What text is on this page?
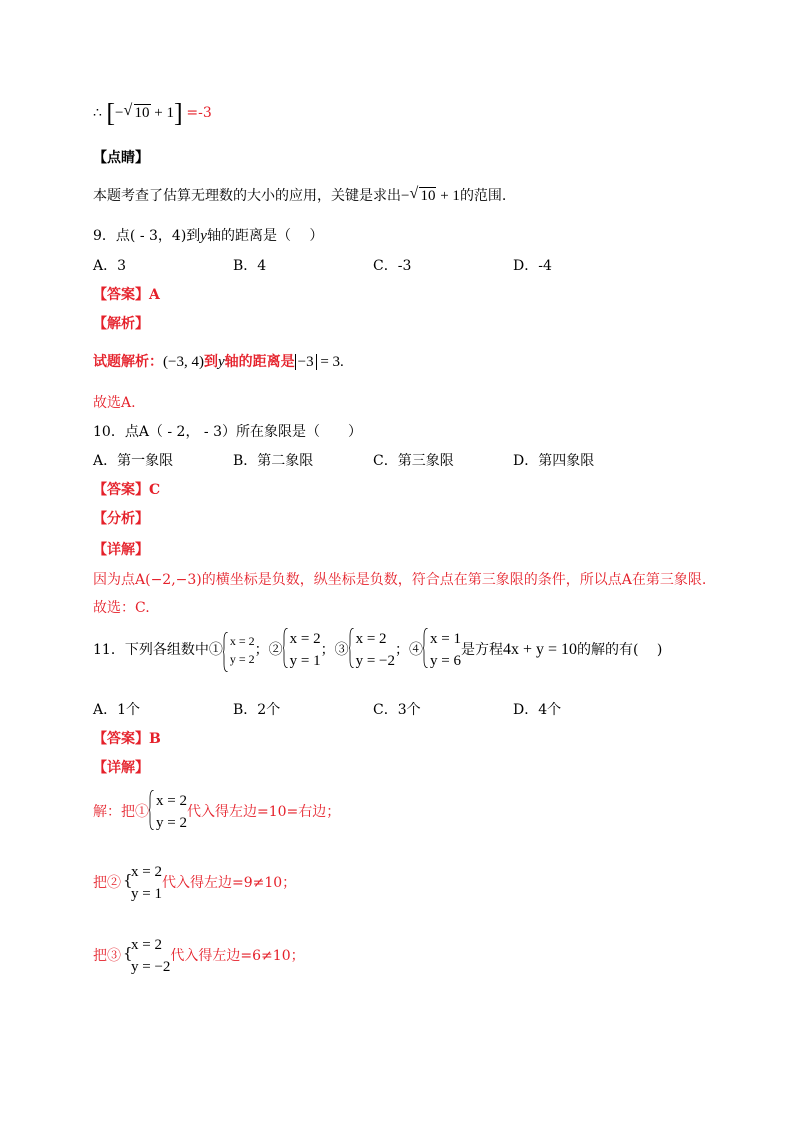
∴ [− √ 10 + 1] =-3
【点睛】
本题考查了估算无理数的大小的应用，关键是求出− √ 10 + 1的范围.
9．点( - 3，4)到y轴的距离是（　 ）
A．3	B．4	C．-3	D．-4
【答案】A
【解析】
试题解析：(−3, 4)到y轴的距离是 −3 = 3.
故选A.
10．点A（ - 2， - 3）所在象限是（　　）
A．第一象限	B．第二象限	C．第三象限	D．第四象限
【答案】C
【分析】
【详解】
因为点A(−2,−3)的横坐标是负数，纵坐标是负数，符合点在第三象限的条件，所以点A在第三象限.
故选：C.
11．下列各组数中①
x = 2
y = 2
；②
x = 2
y = 1
；③
x = 2
y = −2
；④
x = 1
y = 6
是方程4x + y = 10的解的有(　 )
A．1个	B．2个	C．3个	D．4个
【答案】B
【详解】
解：把①
x = 2
y = 2
代入得左边=10=右边；
把② {
x = 2
y = 1
代入得左边=9≠10；
把③ {
x = 2
y = −2
代入得左边=6≠10；
